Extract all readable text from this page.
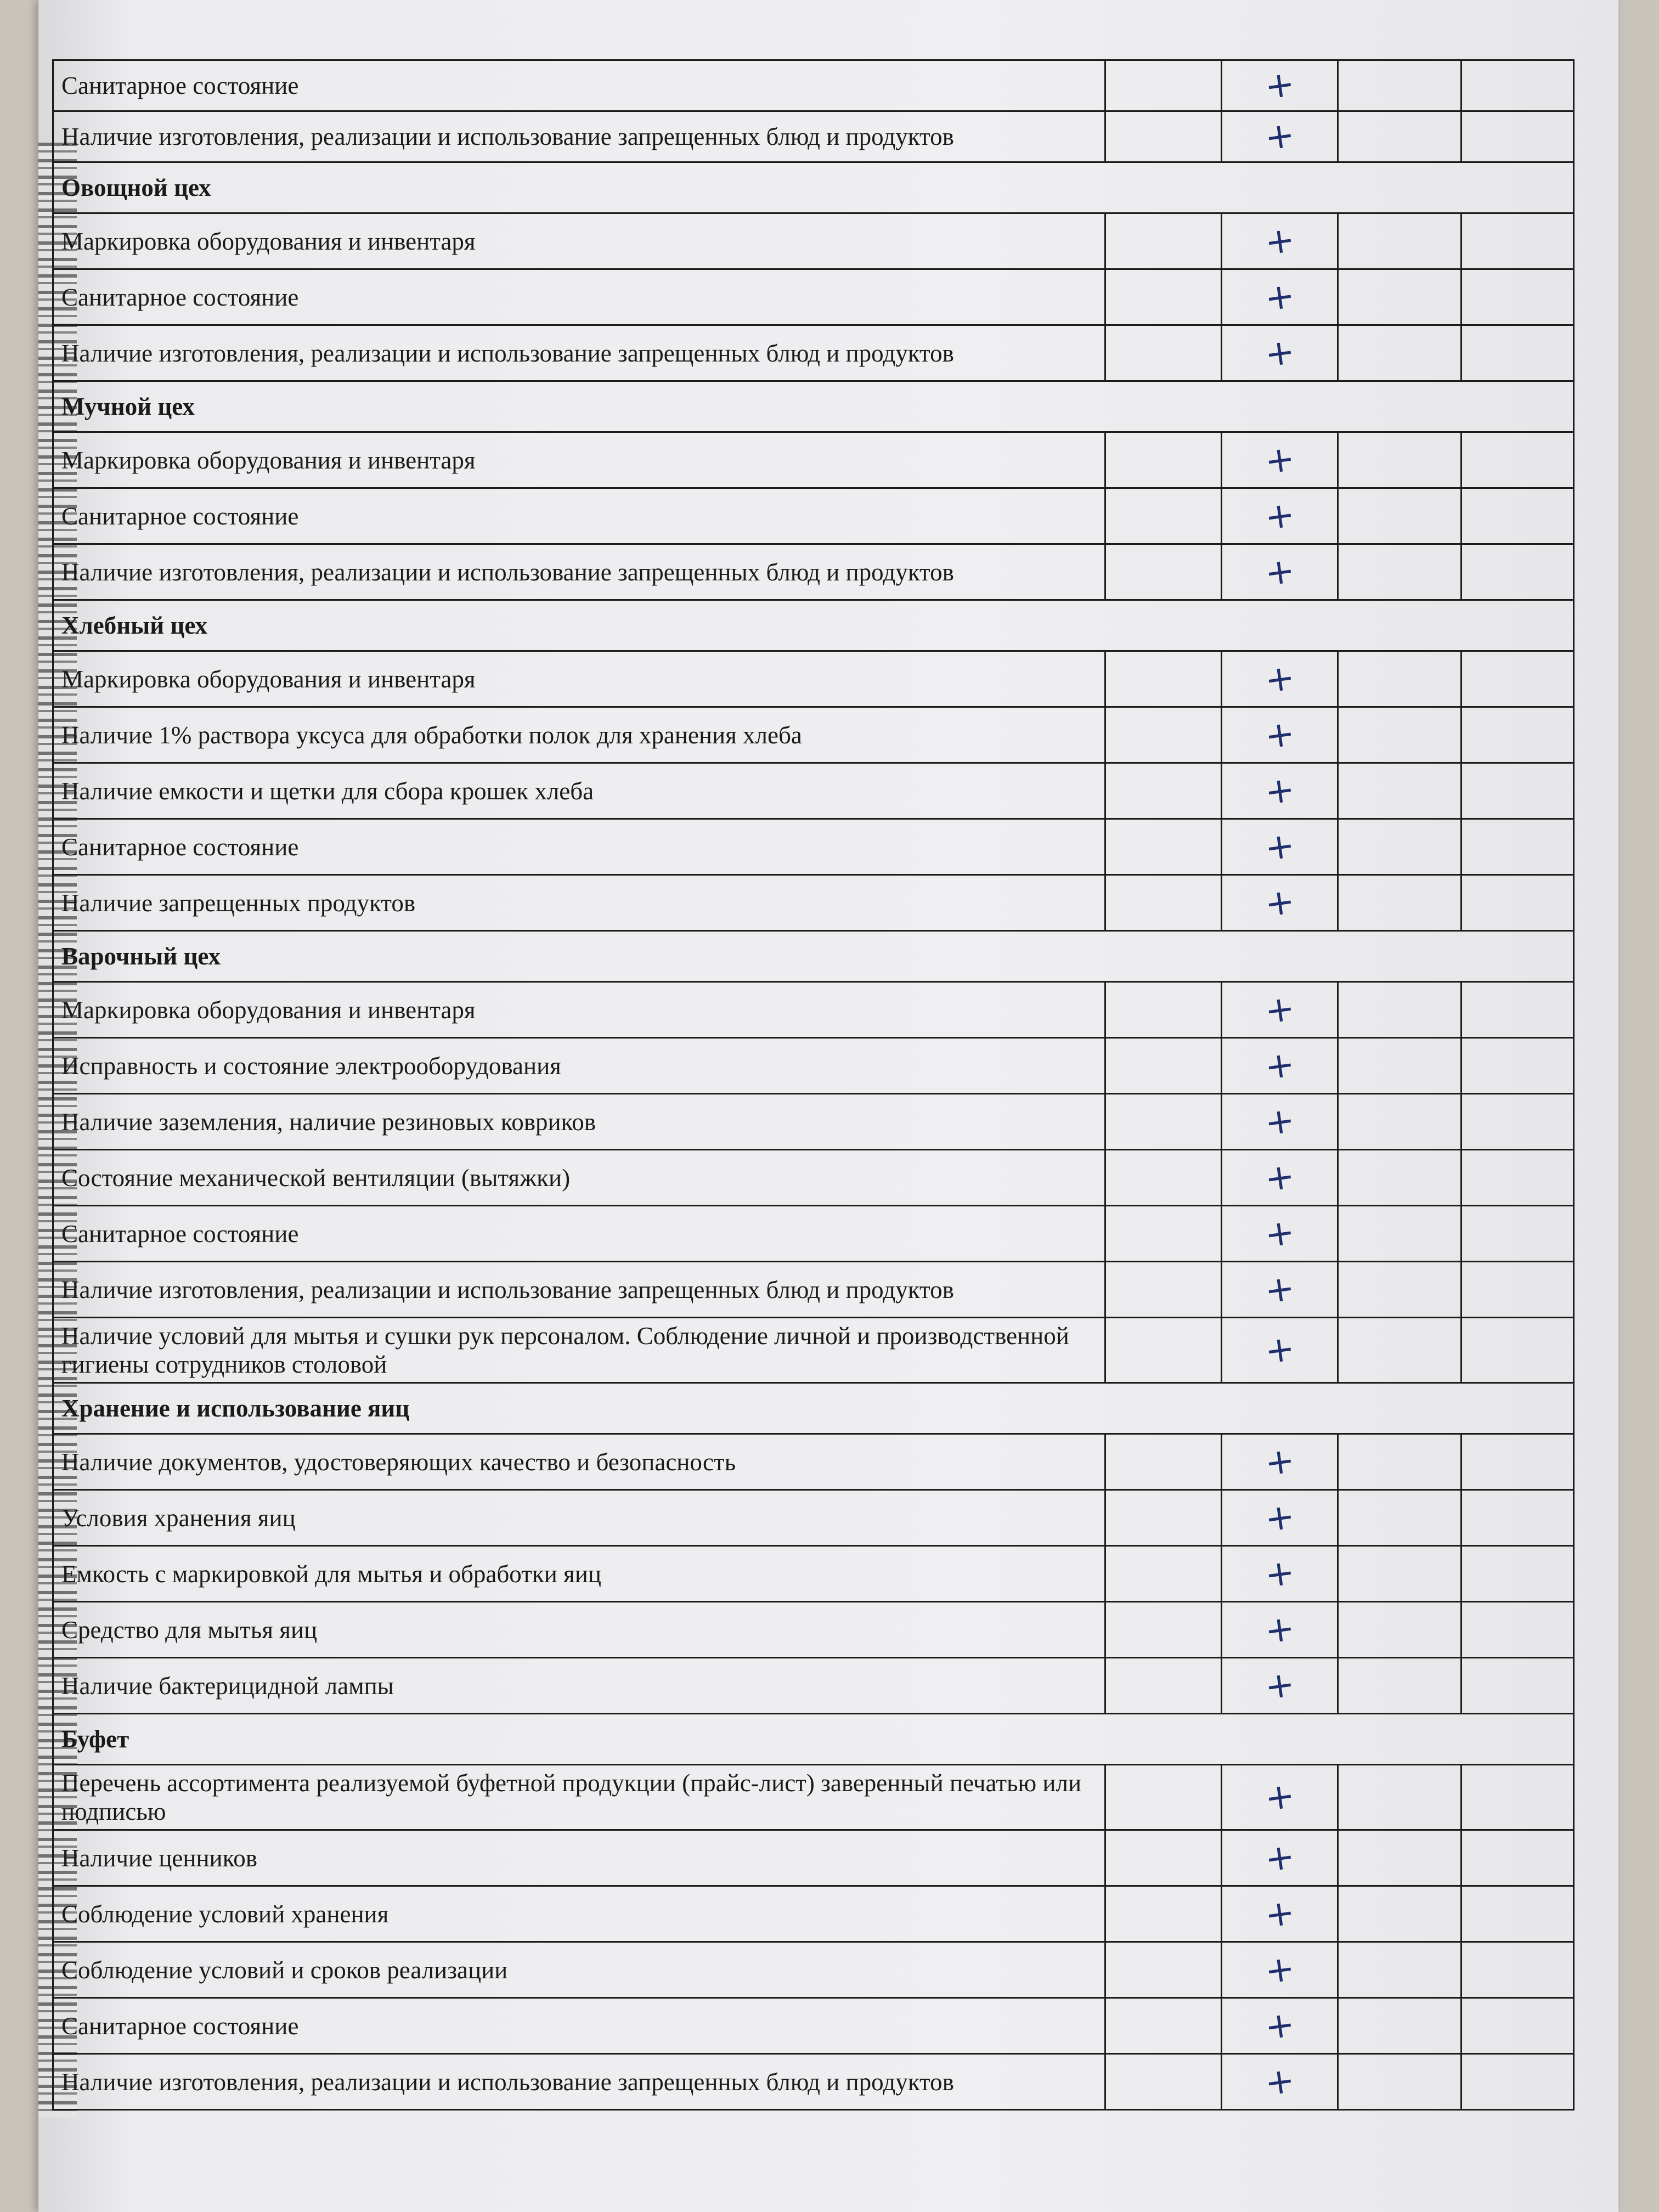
Санитарное состояние		+		
Наличие изготовления, реализации и использование запрещенных блюд и продуктов		+		
Овощной цех				
Маркировка оборудования и инвентаря		+		
Санитарное состояние		+		
Наличие изготовления, реализации и использование запрещенных блюд и продуктов		+		
Мучной цех				
Маркировка оборудования и инвентаря		+		
Санитарное состояние		+		
Наличие изготовления, реализации и использование запрещенных блюд и продуктов		+		
Хлебный цех				
Маркировка оборудования и инвентаря		+		
Наличие 1% раствора уксуса для обработки полок для хранения хлеба		+		
Наличие емкости и щетки для сбора крошек хлеба		+		
Санитарное состояние		+		
Наличие запрещенных продуктов		+		
Варочный цех				
Маркировка оборудования и инвентаря		+		
Исправность и состояние электрооборудования		+		
Наличие заземления, наличие резиновых ковриков		+		
Состояние механической вентиляции (вытяжки)		+		
Санитарное состояние		+		
Наличие изготовления, реализации и использование запрещенных блюд и продуктов		+		
Наличие условий для мытья и сушки рук персоналом. Соблюдение личной и производственной гигиены сотрудников столовой		+		
Хранение и использование яиц				
Наличие документов, удостоверяющих качество и безопасность		+		
Условия хранения яиц		+		
Емкость с маркировкой для мытья и обработки яиц		+		
Средство для мытья яиц		+		
Наличие бактерицидной лампы		+		
Буфет				
Перечень ассортимента реализуемой буфетной продукции (прайс-лист) заверенный печатью или подписью		+		
Наличие ценников		+		
Соблюдение условий хранения		+		
Соблюдение условий и сроков реализации		+		
Санитарное состояние		+		
Наличие изготовления, реализации и использование запрещенных блюд и продуктов		+		
